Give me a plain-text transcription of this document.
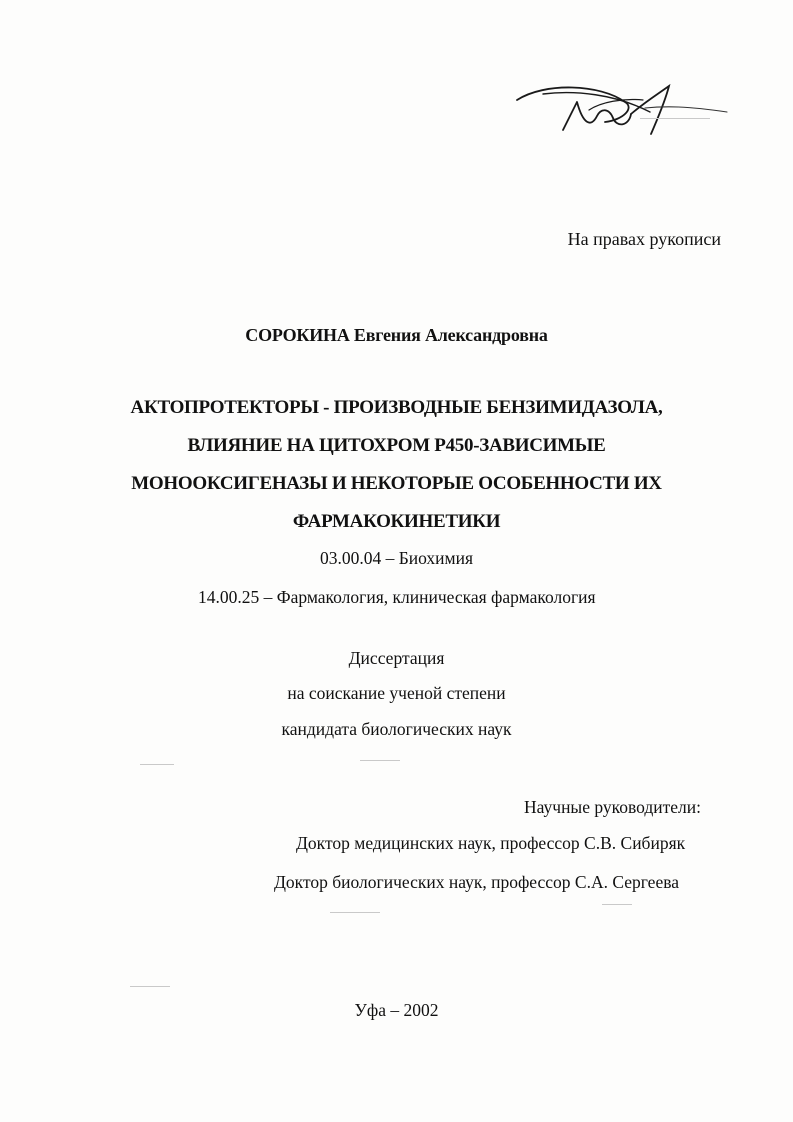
На правах рукописи
СОРОКИНА Евгения Александровна
АКТОПРОТЕКТОРЫ - ПРОИЗВОДНЫЕ БЕНЗИМИДАЗОЛА,
ВЛИЯНИЕ НА ЦИТОХРОМ Р450-ЗАВИСИМЫЕ
МОНООКСИГЕНАЗЫ И НЕКОТОРЫЕ ОСОБЕННОСТИ ИХ
ФАРМАКОКИНЕТИКИ
03.00.04 – Биохимия
14.00.25 – Фармакология, клиническая фармакология
Диссертация
на соискание ученой степени
кандидата биологических наук
Научные руководители:
Доктор медицинских наук, профессор С.В. Сибиряк
Доктор биологических наук, профессор С.А. Сергеева
Уфа – 2002
